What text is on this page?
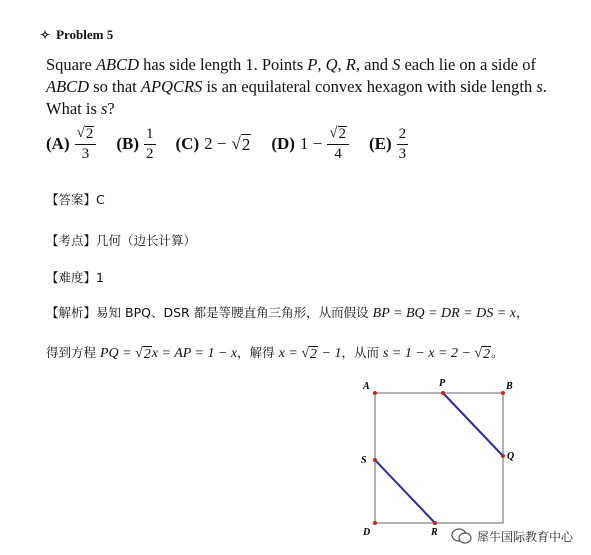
✧ Problem 5
Square ABCD has side length 1. Points P, Q, R, and S each lie on a side of ABCD so that APQCRS is an equilateral convex hexagon with side length s. What is s?
$(A) \frac{√ 2}{3} (B) \frac{1}{2} (C) 2$ − √ 2 (D) $1 - \frac{√ 2}{4} (E) \frac{2}{3}$
【答案】C
【考点】几何（边长计算）
【难度】1
【解析】易知 BPQ、DSR 都是等腰直角三角形，从而假设 BP = BQ = DR = DS = x，
得到方程 PQ = √ 2 x = AP = 1 − x，解得 x = √ 2 − 1，从而 s = 1 − x = 2 − √ 2 。
A	P	B
S	Q
D	R	犀牛国际教育中心
